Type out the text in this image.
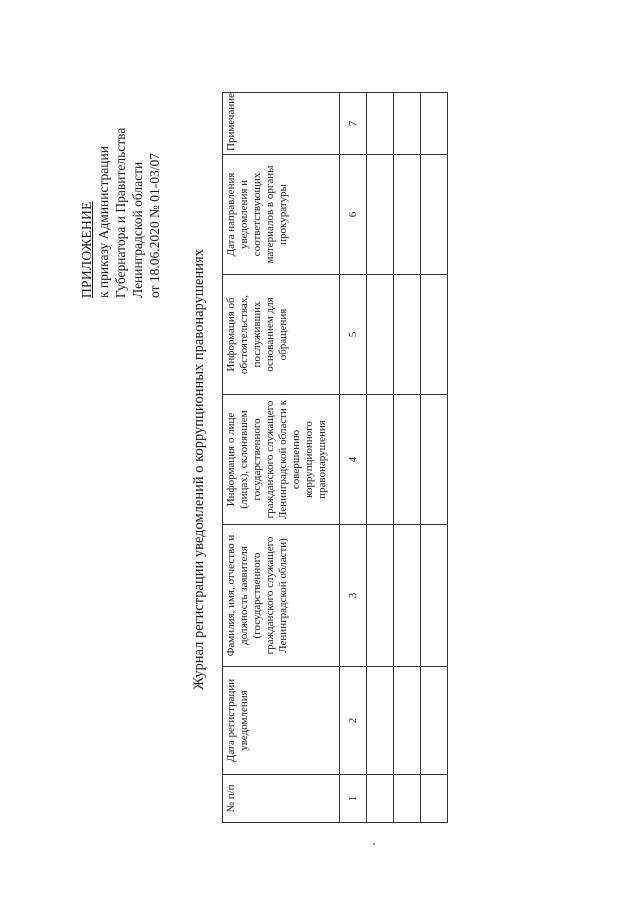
ПРИЛОЖЕНИЕ к приказу Администрации Губернатора и Правительства Ленинградской области от 18.06.2020 № 01-03/07
Журнал регистрации уведомлений о коррупционных правонарушениях
№ п/п	Дата регистрации уведомления	Фамилия, имя, отчество и должность заявителя (государственного гражданского служащего Ленинградской области)	Информация о лице (лицах), склонявшем государственного гражданского служащего Ленинградской области к совершению коррупционного правонарушения	Информация об обстоятельствах, послуживших основанием для обращения	Дата направления уведомления и соответствующих материалов в органы прокуратуры	Примечание
1	2	3	4	5	6	7
